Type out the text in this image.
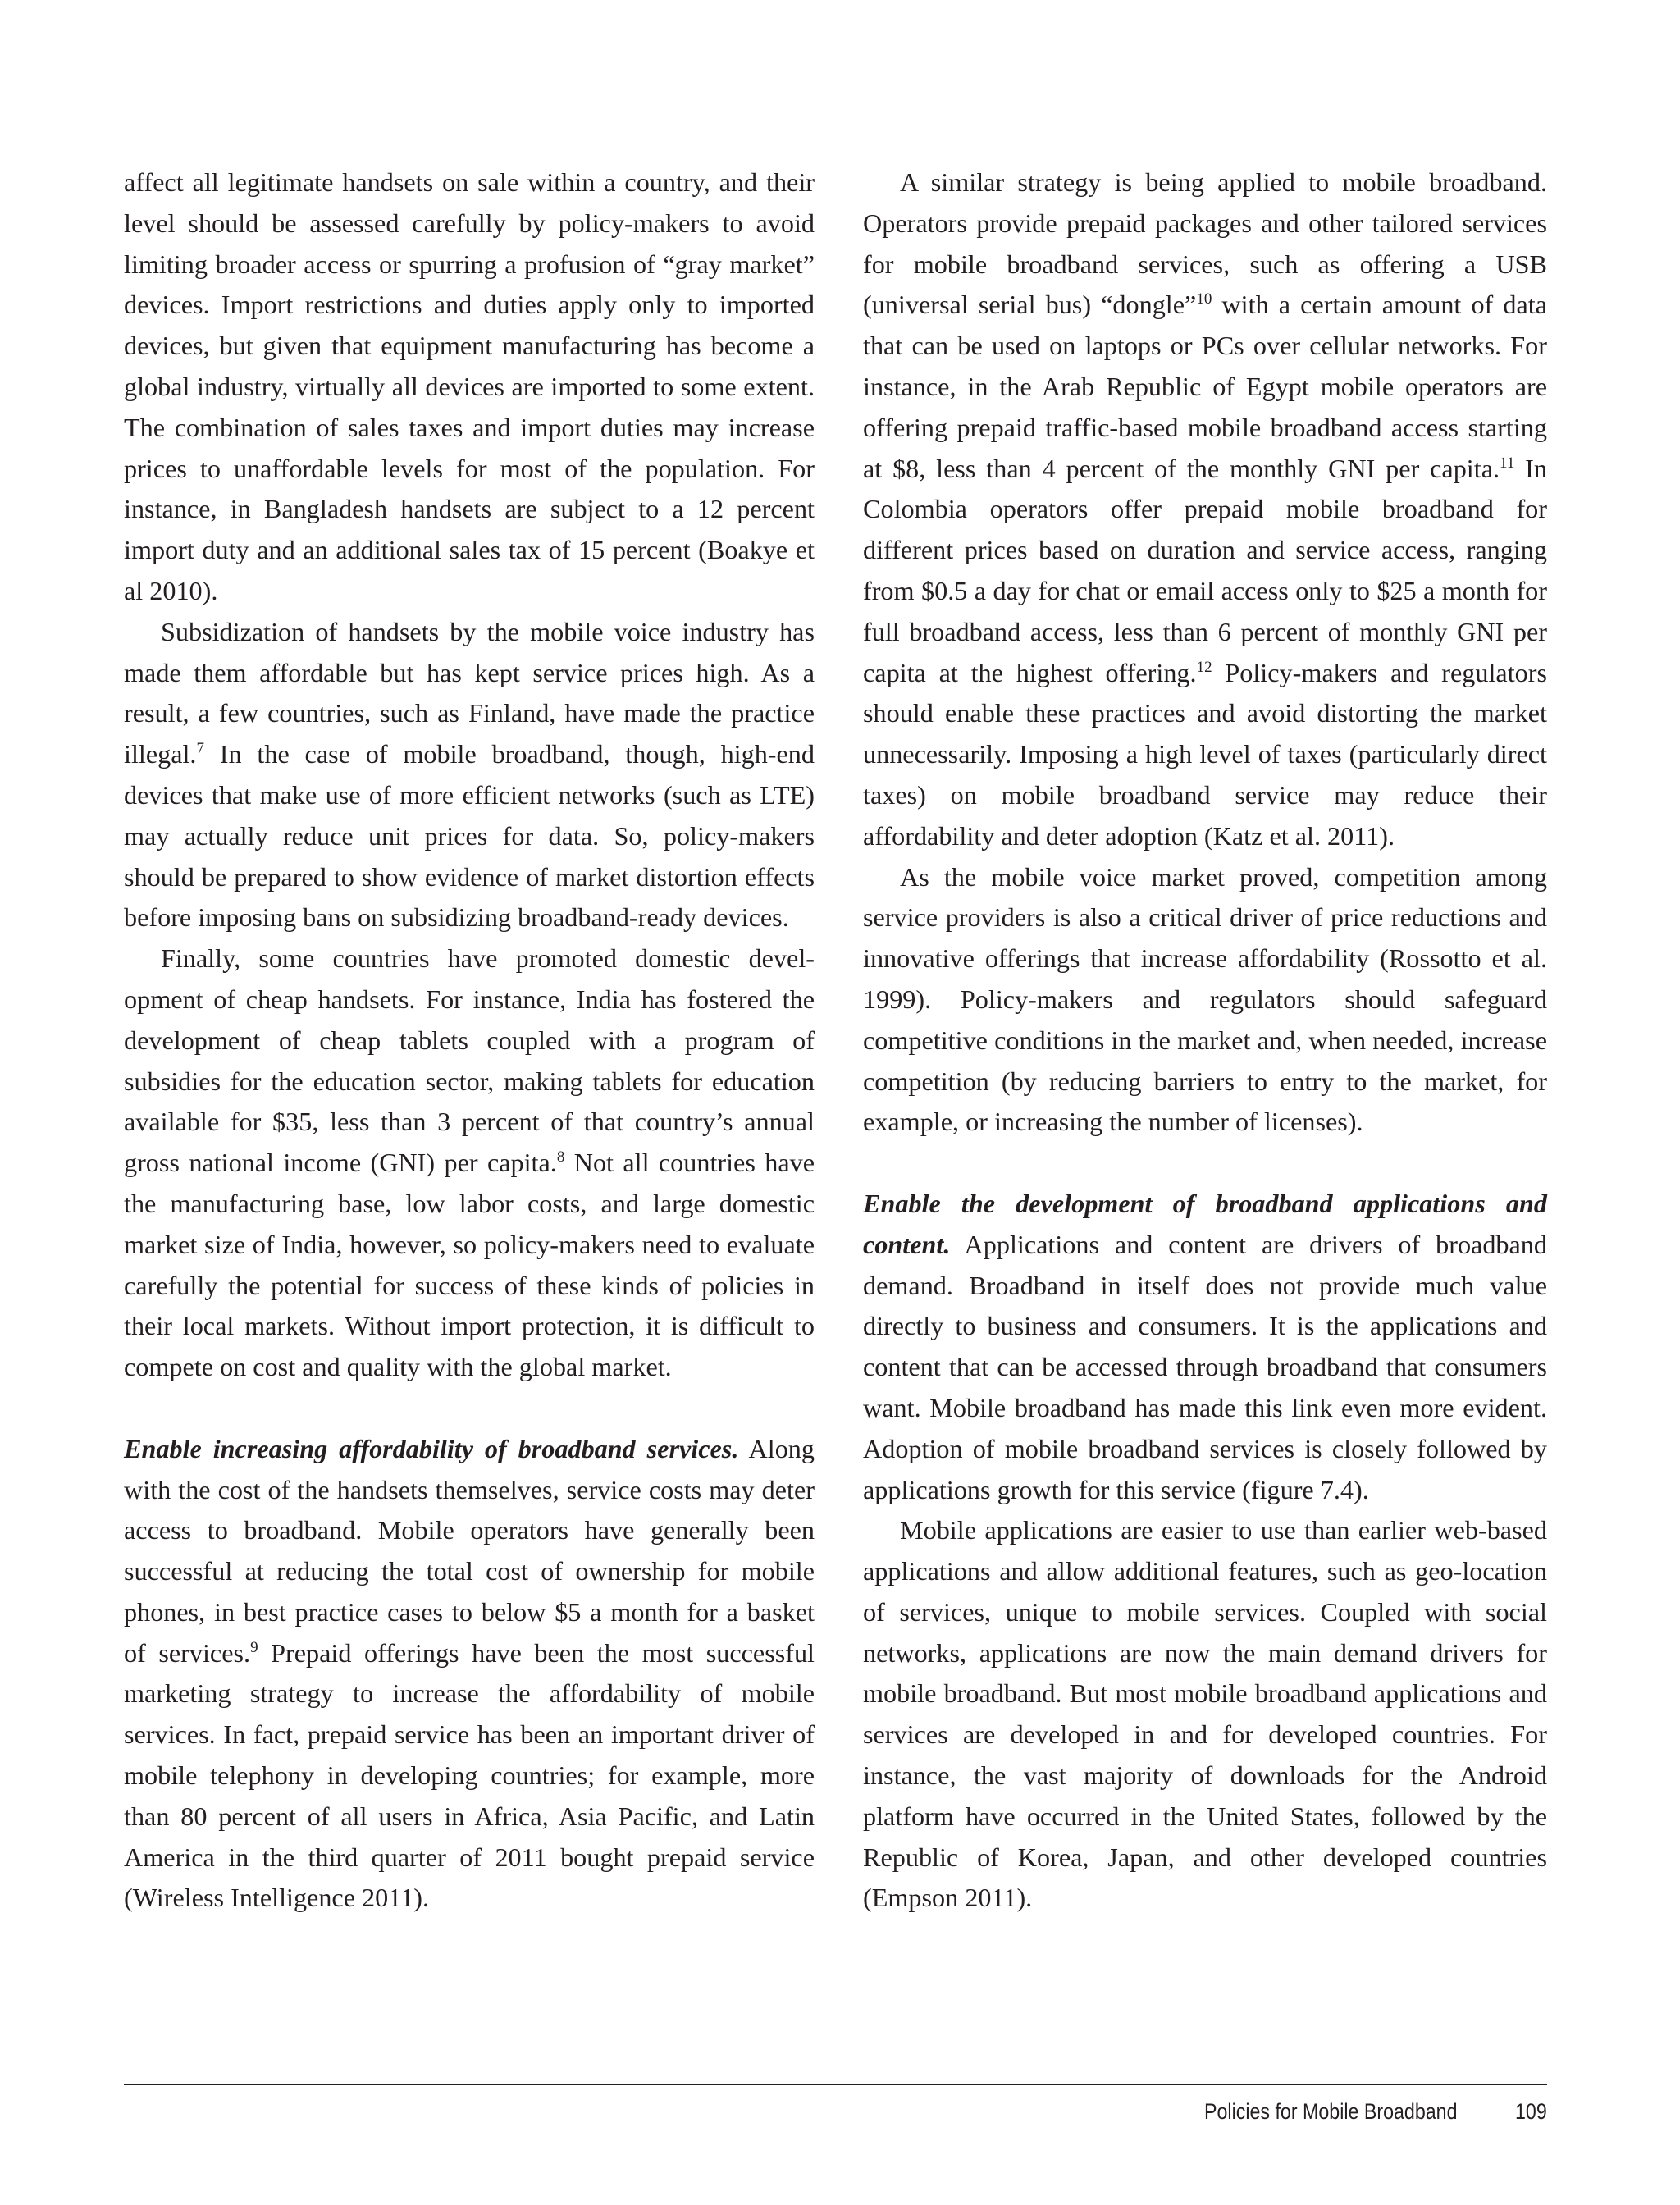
affect all legitimate handsets on sale within a country, and their level should be assessed carefully by policy-makers to avoid limiting broader access or spurring a profusion of “gray market” devices. Import restrictions and duties apply only to imported devices, but given that equipment manufacturing has become a global industry, virtually all devices are imported to some extent. The combination of sales taxes and import duties may increase prices to unaffordable levels for most of the population. For instance, in Bangladesh handsets are subject to a 12 percent import duty and an additional sales tax of 15 percent (Boakye et al 2010).

Subsidization of handsets by the mobile voice industry has made them affordable but has kept service prices high. As a result, a few countries, such as Finland, have made the practice illegal.$^7$ In the case of mobile broadband, though, high-end devices that make use of more efficient networks (such as LTE) may actually reduce unit prices for data. So, policy-makers should be prepared to show evidence of market distortion effects before imposing bans on subsidizing broadband-ready devices.

Finally, some countries have promoted domestic development of cheap handsets. For instance, India has fostered the development of cheap tablets coupled with a program of subsidies for the education sector, making tablets for education available for $35, less than 3 percent of that country’s annual gross national income (GNI) per capita.$^8$ Not all countries have the manufacturing base, low labor costs, and large domestic market size of India, however, so policy-makers need to evaluate carefully the potential for success of these kinds of policies in their local markets. Without import protection, it is difficult to compete on cost and quality with the global market.

Enable increasing affordability of broadband services. Along with the cost of the handsets themselves, service costs may deter access to broadband. Mobile operators have generally been successful at reducing the total cost of ownership for mobile phones, in best practice cases to below $5 a month for a basket of services.$^9$ Prepaid offerings have been the most successful marketing strategy to increase the affordability of mobile services. In fact, prepaid service has been an important driver of mobile telephony in developing countries; for example, more than 80 percent of all users in Africa, Asia Pacific, and Latin America in the third quarter of 2011 bought prepaid service (Wireless Intelligence 2011).

A similar strategy is being applied to mobile broadband. Operators provide prepaid packages and other tailored services for mobile broadband services, such as offering a USB (universal serial bus) “dongle”$^{10}$ with a certain amount of data that can be used on laptops or PCs over cellular networks. For instance, in the Arab Republic of Egypt mobile operators are offering prepaid traffic-based mobile broadband access starting at $8, less than 4 percent of the monthly GNI per capita.$^{11}$ In Colombia operators offer prepaid mobile broadband for different prices based on duration and service access, ranging from $0.5 a day for chat or email access only to $25 a month for full broadband access, less than 6 percent of monthly GNI per capita at the highest offering.$^{12}$ Policy-makers and regulators should enable these practices and avoid distorting the market unnecessarily. Imposing a high level of taxes (particularly direct taxes) on mobile broadband service may reduce their affordability and deter adoption (Katz et al. 2011).

As the mobile voice market proved, competition among service providers is also a critical driver of price reductions and innovative offerings that increase affordability (Rossotto et al. 1999). Policy-makers and regulators should safeguard competitive conditions in the market and, when needed, increase competition (by reducing barriers to entry to the market, for example, or increasing the number of licenses).

Enable the development of broadband applications and content. Applications and content are drivers of broadband demand. Broadband in itself does not provide much value directly to business and consumers. It is the applications and content that can be accessed through broadband that consumers want. Mobile broadband has made this link even more evident. Adoption of mobile broadband services is closely followed by applications growth for this service (figure 7.4).

Mobile applications are easier to use than earlier web-based applications and allow additional features, such as geo-location of services, unique to mobile services. Coupled with social networks, applications are now the main demand drivers for mobile broadband. But most mobile broadband applications and services are developed in and for developed countries. For instance, the vast majority of downloads for the Android platform have occurred in the United States, followed by the Republic of Korea, Japan, and other developed countries (Empson 2011).

Policies for Mobile Broadband	109
